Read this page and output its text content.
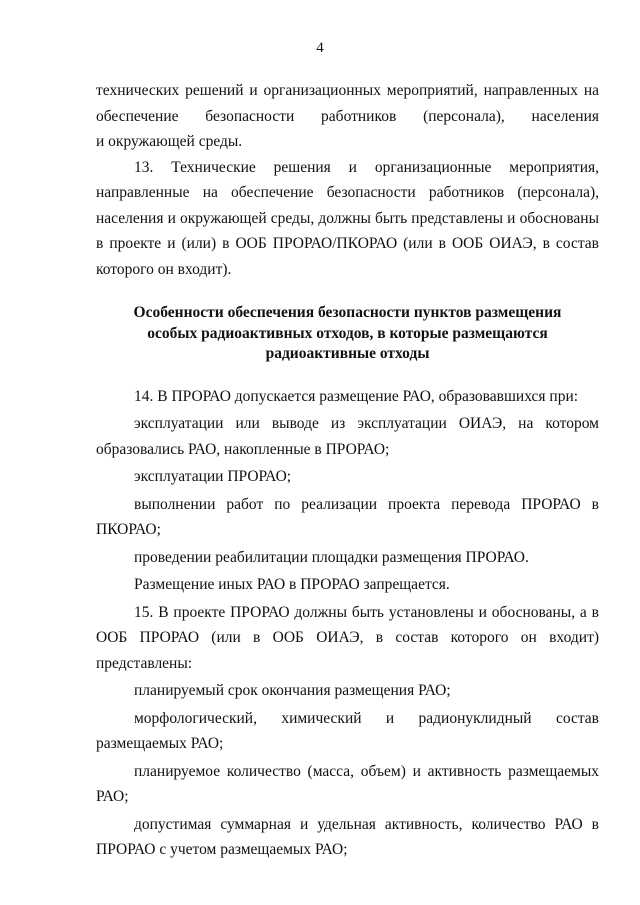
4

технических решений и организационных мероприятий, направленных на обеспечение безопасности работников (персонала), населения
и окружающей среды.

13. Технические решения и организационные мероприятия, направленные на обеспечение безопасности работников (персонала), населения и окружающей среды, должны быть представлены и обоснованы в проекте и (или) в ООБ ПРОРАО/ПКОРАО (или в ООБ ОИАЭ, в состав которого он входит).

Особенности обеспечения безопасности пунктов размещения особых радиоактивных отходов, в которые размещаются радиоактивные отходы

14. В ПРОРАО допускается размещение РАО, образовавшихся при:

эксплуатации или выводе из эксплуатации ОИАЭ, на котором образовались РАО, накопленные в ПРОРАО;

эксплуатации ПРОРАО;

выполнении работ по реализации проекта перевода ПРОРАО в ПКОРАО;

проведении реабилитации площадки размещения ПРОРАО.

Размещение иных РАО в ПРОРАО запрещается.

15. В проекте ПРОРАО должны быть установлены и обоснованы, а в ООБ ПРОРАО (или в ООБ ОИАЭ, в состав которого он входит) представлены:

планируемый срок окончания размещения РАО;

морфологический, химический и радионуклидный состав размещаемых РАО;

планируемое количество (масса, объем) и активность размещаемых РАО;

допустимая суммарная и удельная активность, количество РАО в ПРОРАО с учетом размещаемых РАО;
